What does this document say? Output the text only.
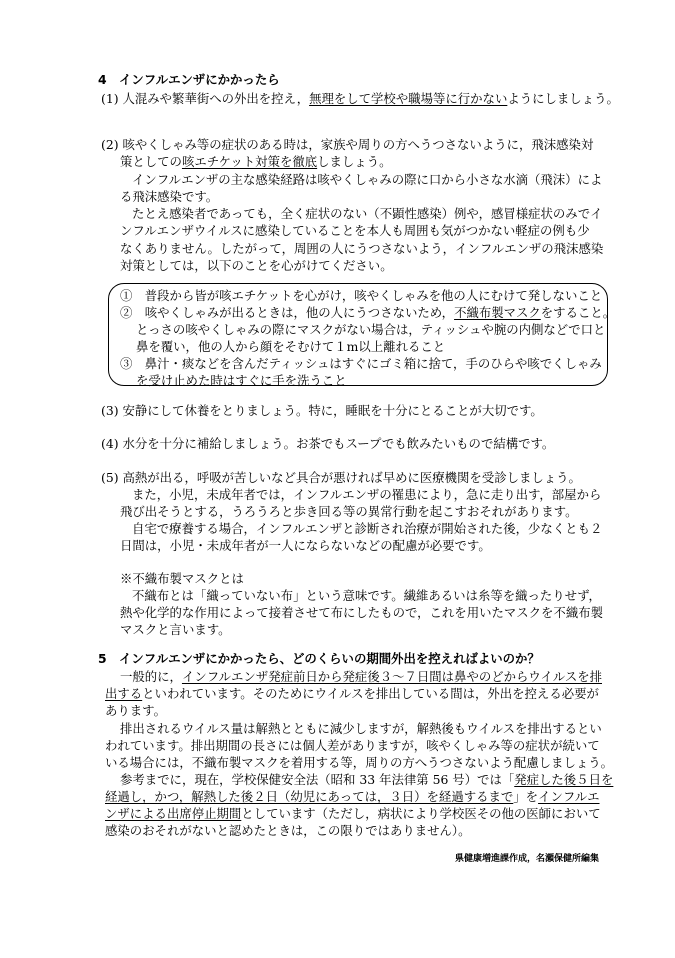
4　インフルエンザにかかったら
(1) 人混みや繁華街への外出を控え，無理をして学校や職場等に行かないようにしましょう。
(2) 咳やくしゃみ等の症状のある時は，家族や周りの方へうつさないように，飛沫感染対
策としての咳エチケット対策を徹底しましょう。
インフルエンザの主な感染経路は咳やくしゃみの際に口から小さな水滴（飛沫）によ
る飛沫感染です。
たとえ感染者であっても，全く症状のない（不顕性感染）例や，感冒様症状のみでイ
ンフルエンザウイルスに感染していることを本人も周囲も気がつかない軽症の例も少
なくありません。したがって，周囲の人にうつさないよう，インフルエンザの飛沫感染
対策としては，以下のことを心がけてください。
①　普段から皆が咳エチケットを心がけ，咳やくしゃみを他の人にむけて発しないこと
②　咳やくしゃみが出るときは，他の人にうつさないため，不織布製マスクをすること。
とっさの咳やくしゃみの際にマスクがない場合は，ティッシュや腕の内側などで口と
鼻を覆い，他の人から顔をそむけて１m以上離れること
③　鼻汁・痰などを含んだティッシュはすぐにゴミ箱に捨て，手のひらや咳でくしゃみ
を受け止めた時はすぐに手を洗うこと
(3) 安静にして休養をとりましょう。特に，睡眠を十分にとることが大切です。
(4) 水分を十分に補給しましょう。お茶でもスープでも飲みたいもので結構です。
(5) 高熱が出る，呼吸が苦しいなど具合が悪ければ早めに医療機関を受診しましょう。
また，小児，未成年者では，インフルエンザの罹患により，急に走り出す，部屋から
飛び出そうとする，うろうろと歩き回る等の異常行動を起こすおそれがあります。
自宅で療養する場合，インフルエンザと診断され治療が開始された後，少なくとも２
日間は，小児・未成年者が一人にならないなどの配慮が必要です。
※不織布製マスクとは
不織布とは「織っていない布」という意味です。繊維あるいは糸等を織ったりせず，
熱や化学的な作用によって接着させて布にしたもので，これを用いたマスクを不織布製
マスクと言います。
5　インフルエンザにかかったら、どのくらいの期間外出を控えればよいのか？
一般的に，インフルエンザ発症前日から発症後３～７日間は鼻やのどからウイルスを排
出するといわれています。そのためにウイルスを排出している間は，外出を控える必要が
あります。
排出されるウイルス量は解熱とともに減少しますが，解熱後もウイルスを排出するとい
われています。排出期間の長さには個人差がありますが，咳やくしゃみ等の症状が続いて
いる場合には，不織布製マスクを着用する等，周りの方へうつさないよう配慮しましょう。
参考までに，現在，学校保健安全法（昭和 33 年法律第 56 号）では「発症した後５日を
経過し，かつ，解熱した後２日（幼児にあっては，３日）を経過するまで」をインフルエ
ンザによる出席停止期間としています（ただし，病状により学校医その他の医師において
感染のおそれがないと認めたときは，この限りではありません）。
県健康増進課作成，名瀬保健所編集
